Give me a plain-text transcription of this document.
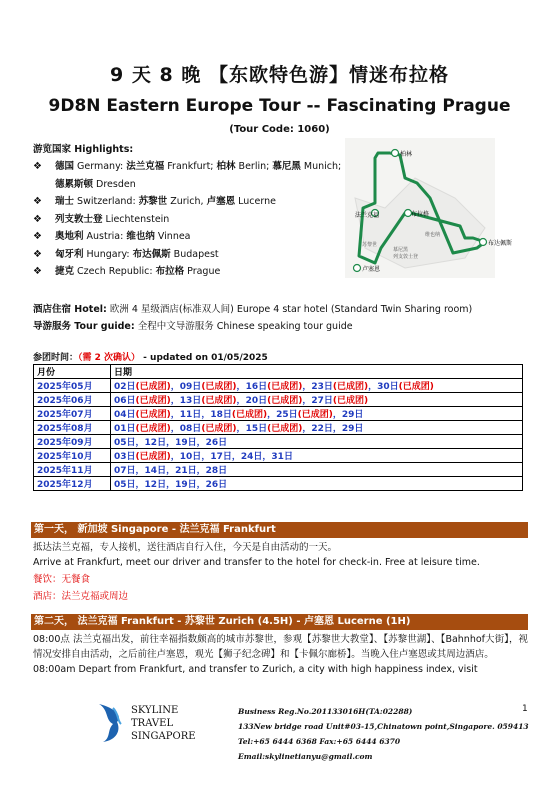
9 天 8 晚 【东欧特色游】情迷布拉格
9D8N Eastern Europe Tour -- Fascinating Prague
(Tour Code: 1060)
游览国家 Highlights:
❖ 德国 Germany: 法兰克福 Frankfurt; 柏林 Berlin; 慕尼黑 Munich;
德累斯顿 Dresden
❖ 瑞士 Switzerland: 苏黎世 Zurich, 卢塞恩 Lucerne
❖ 列支敦士登 Liechtenstein
❖ 奥地利 Austria: 维也纳 Vinnea
❖ 匈牙利 Hungary: 布达佩斯 Budapest
❖ 捷克 Czech Republic: 布拉格 Prague
柏林
法兰克福	布拉格
维也纳
布达佩斯
苏黎世
卢塞恩
慕尼黑
列支敦士登
酒店住宿 Hotel: 欧洲 4 星级酒店(标准双人间) Europe 4 star hotel (Standard Twin Sharing room)
导游服务 Tour guide: 全程中文导游服务 Chinese speaking tour guide
参团时间：（需 2 次确认） - updated on 01/05/2025
月份	日期
2025年05月	02日(已成团)，09日(已成团)，16日(已成团)，23日(已成团)，30日(已成团)
2025年06月	06日(已成团)，13日(已成团)，20日(已成团)，27日(已成团)
2025年07月	04日(已成团)，11日，18日(已成团)，25日(已成团)，29日
2025年08月	01日(已成团)，08日(已成团)，15日(已成团)，22日，29日
2025年09月	05日，12日，19日，26日
2025年10月	03日(已成团)，10日，17日，24日，31日
2025年11月	07日，14日，21日，28日
2025年12月	05日，12日，19日，26日
第一天， 新加坡 Singapore - 法兰克福 Frankfurt
抵达法兰克福，专人接机，送往酒店自行入住，今天是自由活动的一天。
Arrive at Frankfurt, meet our driver and transfer to the hotel for check-in. Free at leisure time.
餐饮：无餐食
酒店：法兰克福或周边
第二天， 法兰克福 Frankfurt - 苏黎世 Zurich (4.5H) - 卢塞恩 Lucerne (1H)
08:00点 法兰克福出发，前往幸福指数颇高的城市苏黎世，参观【苏黎世大教堂】、【苏黎世湖】、【Bahnhof大街】，视情况安排自由活动，之后前往卢塞恩，观光【狮子纪念碑】和【卡佩尔廊桥】。当晚入住卢塞恩或其周边酒店。
08:00am Depart from Frankfurt, and transfer to Zurich, a city with high happiness index, visit
SKYLINE
TRAVEL
SINGAPORE
Business Reg.No.201133016H(TA:02288)
133New bridge road Unit#03-15,Chinatown point,Singapore. 059413
Tel:+65 6444 6368 Fax:+65 6444 6370
Email:skylinetianyu@gmail.com
1
